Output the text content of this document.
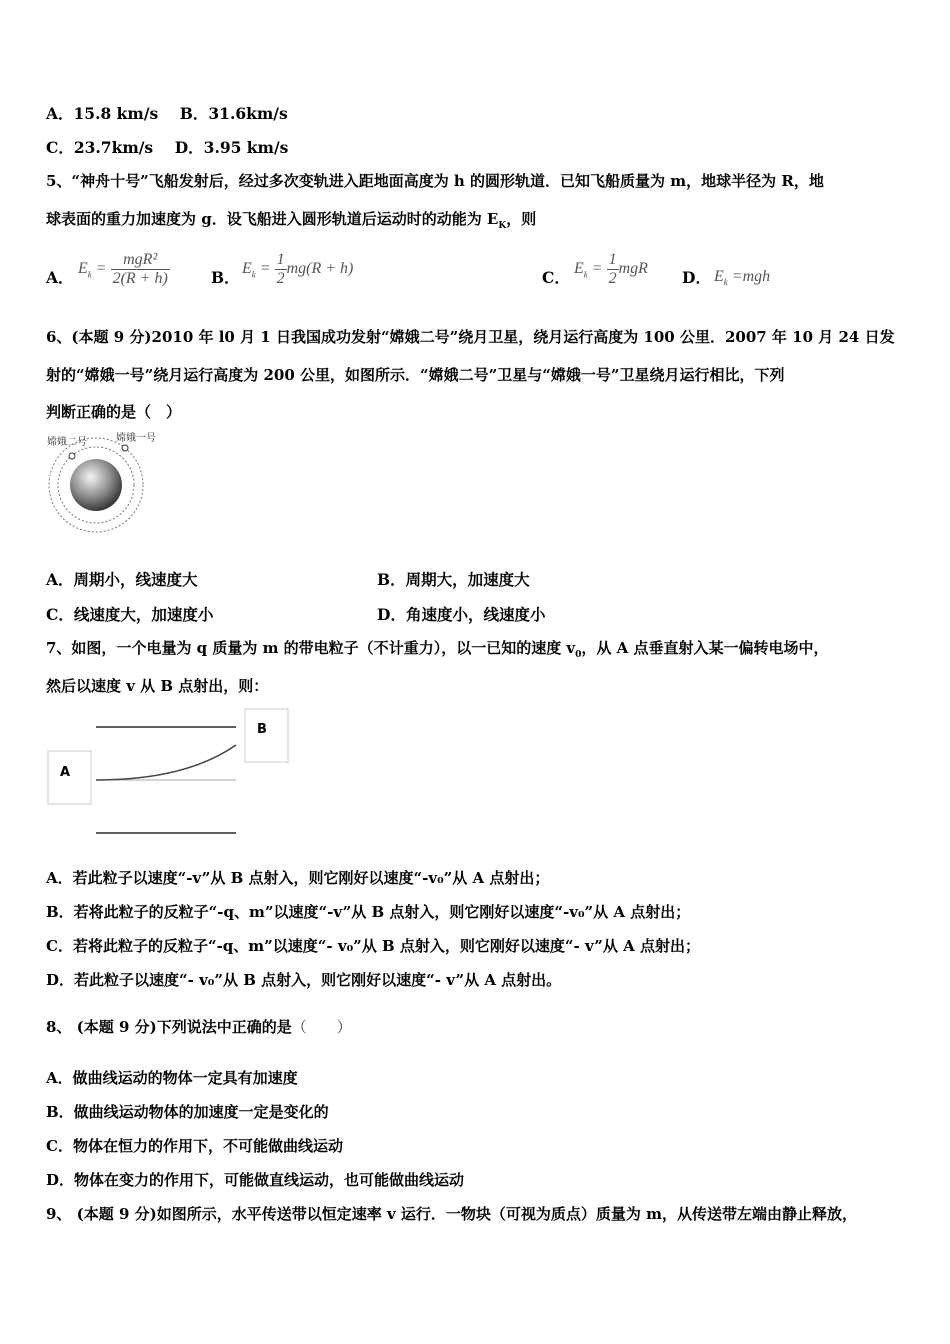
A．15.8 km/s B．31.6km/s
C．23.7km/s D．3.95 km/s
5、“神舟十号”飞船发射后，经过多次变轨进入距地面高度为 h 的圆形轨道．已知飞船质量为 m，地球半径为 R，地
球表面的重力加速度为 g．设飞船进入圆形轨道后运动时的动能为 $E_K$，则
A． $E_k = \frac{\text{mgR²}}{2(R + h)}$	B． $E_k = \frac{1}{2} mg(R + h)$	C． $E_k = \frac{1}{2}$ mgR D． $E_k =mgh$
6、(本题 9 分)2010 年 l0 月 1 日我国成功发射“嫦娥二号”绕月卫星，绕月运行高度为 100 公里．2007 年 10 月 24 日发
射的“嫦娥一号”绕月运行高度为 200 公里，如图所示．“嫦娥二号”卫星与“嫦娥一号”卫星绕月运行相比，下列
判断正确的是（　）
嫦娥二号	嫦娥一号
A．周期小，线速度大	B．周期大，加速度大
C．线速度大，加速度小	D．角速度小，线速度小
7、如图，一个电量为 q 质量为 m 的带电粒子（不计重力），以一已知的速度 $v_0$，从 A 点垂直射入某一偏转电场中，
然后以速度 v 从 B 点射出，则：
A
B
A．若此粒子以速度“-v”从 B 点射入，则它刚好以速度“-v₀”从 A 点射出；
B．若将此粒子的反粒子“-q、m”以速度“-v”从 B 点射入，则它刚好以速度“-v₀”从 A 点射出；
C．若将此粒子的反粒子“-q、m”以速度“- v₀”从 B 点射入，则它刚好以速度“- v”从 A 点射出；
D．若此粒子以速度“- v₀”从 B 点射入，则它刚好以速度“- v”从 A 点射出。
8、 (本题 9 分)下列说法中正确的是（　　）
A．做曲线运动的物体一定具有加速度
B．做曲线运动物体的加速度一定是变化的
C．物体在恒力的作用下，不可能做曲线运动
D．物体在变力的作用下，可能做直线运动，也可能做曲线运动
9、 (本题 9 分)如图所示，水平传送带以恒定速率 v 运行．一物块（可视为质点）质量为 m，从传送带左端由静止释放，
